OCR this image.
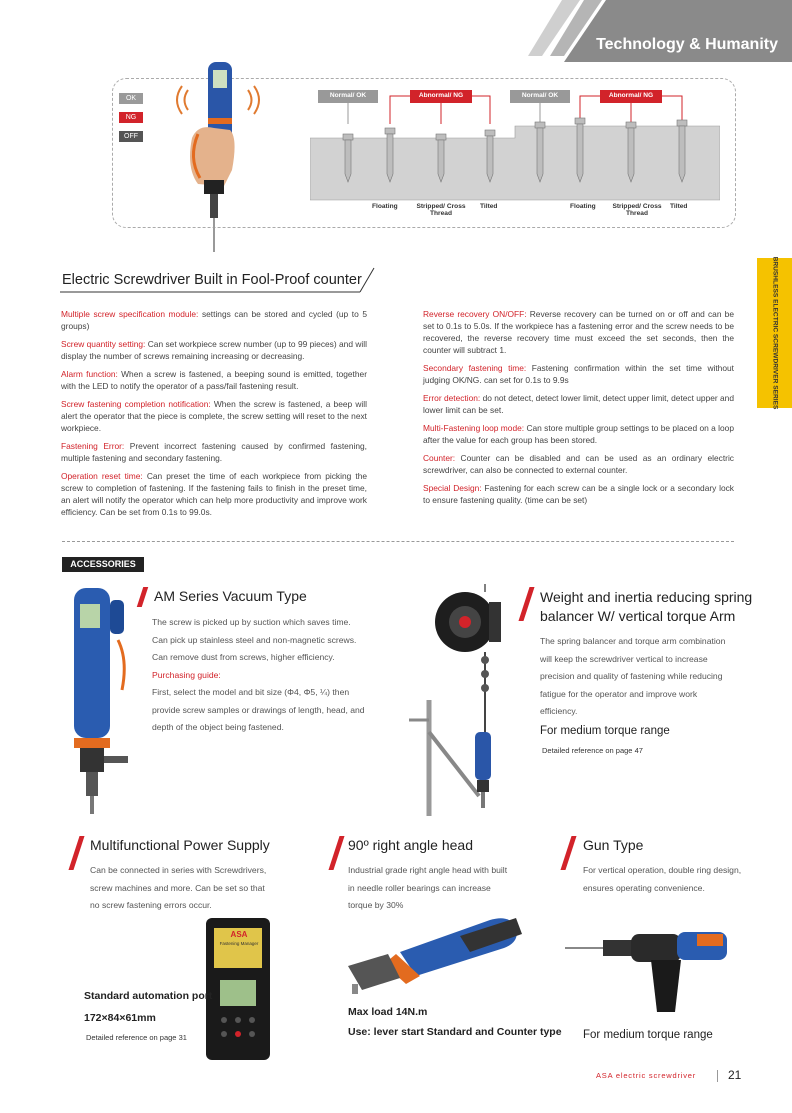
Technology & Humanity
OK
NG
OFF
Normal/ OK	Abnormal/ NG	Normal/ OK	Abnormal/ NG
Floating	Stripped/ Cross
Thread
Tilted	Floating	Stripped/ Cross
Thread
Tilted
Electric Screwdriver Built in Fool-Proof counter

Multiple screw specification module: settings can be stored and cycled (up to 5 groups)

Screw quantity setting: Can set workpiece screw number (up to 99 pieces) and will display the number of screws remaining increasing or decreasing.

Alarm function: When a screw is fastened, a beeping sound is emitted, together with the LED to notify the operator of a pass/fail fastening result.

Screw fastening completion notification: When the screw is fastened, a beep will alert the operator that the piece is complete, the screw setting will reset to the next workpiece.

Fastening Error: Prevent incorrect fastening caused by confirmed fastening, multiple fastening and secondary fastening.

Operation reset time: Can preset the time of each workpiece from picking the screw to completion of fastening. If the fastening fails to finish in the preset time, an alert will notify the operator which can help more productivity and improve work efficiency. Can be set from 0.1s to 99.0s.

Reverse recovery ON/OFF: Reverse recovery can be turned on or off and can be set to 0.1s to 5.0s. If the workpiece has a fastening error and the screw needs to be recovered, the reverse recovery time must exceed the set seconds, then the counter will subtract 1.

Secondary fastening time: Fastening confirmation within the set time without judging OK/NG. can set for 0.1s to 9.9s

Error detection: do not detect, detect lower limit, detect upper limit, detect upper and lower limit can be set.

Multi-Fastening loop mode: Can store multiple group settings to be placed on a loop after the value for each group has been stored.

Counter: Counter can be disabled and can be used as an ordinary electric screwdriver, can also be connected to external counter.

Special Design: Fastening for each screw can be a single lock or a secondary lock to ensure fastening quality. (time can be set)

BRUSHLESS ELECTRIC SCREWDRIVER SERIES
ACCESSORIES
AM Series Vacuum Type
The screw is picked up by suction which saves time.
Can pick up stainless steel and non-magnetic screws.
Can remove dust from screws, higher efficiency.
Purchasing guide:
First, select the model and bit size (Φ4, Φ5, ¼) then
provide screw samples or drawings of length, head, and
depth of the object being fastened.
Weight and inertia reducing spring
balancer W/ vertical torque Arm
The spring balancer and torque arm combination
will keep the screwdriver vertical to increase
precision and quality of fastening while reducing
fatigue for the operator and improve work
efficiency.
For medium torque range
Detailed reference on page 47
Multifunctional Power Supply
Can be connected in series with Screwdrivers,
screw machines and more. Can be set so that
no screw fastening errors occur.
ASA
Fastening Manager
Standard automation port
172×84×61mm
Detailed reference on page 31
90º right angle head
Industrial grade right angle head with built
in needle roller bearings can increase
torque by 30%
Max load 14N.m
Use: lever start Standard and Counter type
Gun Type
For vertical operation, double ring design,
ensures operating convenience.
For medium torque range
ASA electric screwdriver	21
